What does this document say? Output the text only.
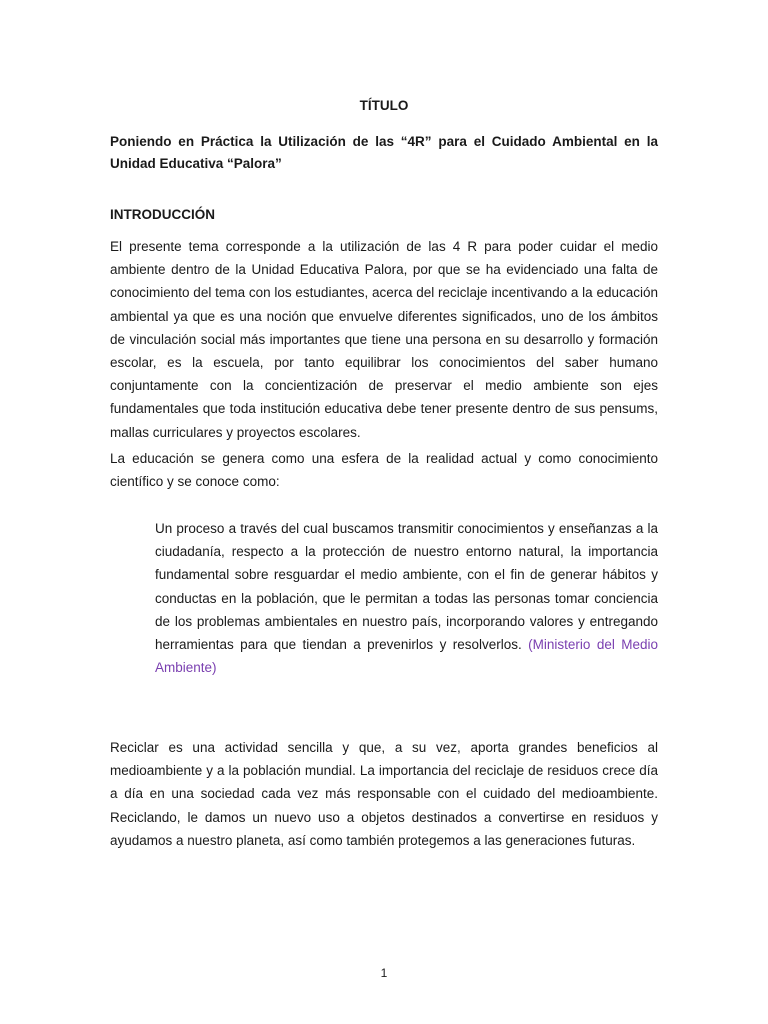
TÍTULO

Poniendo en Práctica la Utilización de las “4R” para el Cuidado Ambiental en la Unidad Educativa “Palora”

INTRODUCCIÓN

El presente tema corresponde a la utilización de las 4 R para poder cuidar el medio ambiente dentro de la Unidad Educativa Palora, por que se ha evidenciado una falta de conocimiento del tema con los estudiantes, acerca del reciclaje incentivando a la educación ambiental ya que es una noción que envuelve diferentes significados, uno de los ámbitos de vinculación social más importantes que tiene una persona en su desarrollo y formación escolar, es la escuela, por tanto equilibrar los conocimientos del saber humano conjuntamente con la concientización de preservar el medio ambiente son ejes fundamentales que toda institución educativa debe tener presente dentro de sus pensums, mallas curriculares y proyectos escolares.

La educación se genera como una esfera de la realidad actual y como conocimiento científico y se conoce como:

Un proceso a través del cual buscamos transmitir conocimientos y enseñanzas a la ciudadanía, respecto a la protección de nuestro entorno natural, la importancia fundamental sobre resguardar el medio ambiente, con el fin de generar hábitos y conductas en la población, que le permitan a todas las personas tomar conciencia de los problemas ambientales en nuestro país, incorporando valores y entregando herramientas para que tiendan a prevenirlos y resolverlos. (Ministerio del Medio Ambiente)

Reciclar es una actividad sencilla y que, a su vez, aporta grandes beneficios al medioambiente y a la población mundial. La importancia del reciclaje de residuos crece día a día en una sociedad cada vez más responsable con el cuidado del medioambiente. Reciclando, le damos un nuevo uso a objetos destinados a convertirse en residuos y ayudamos a nuestro planeta, así como también protegemos a las generaciones futuras.

1
